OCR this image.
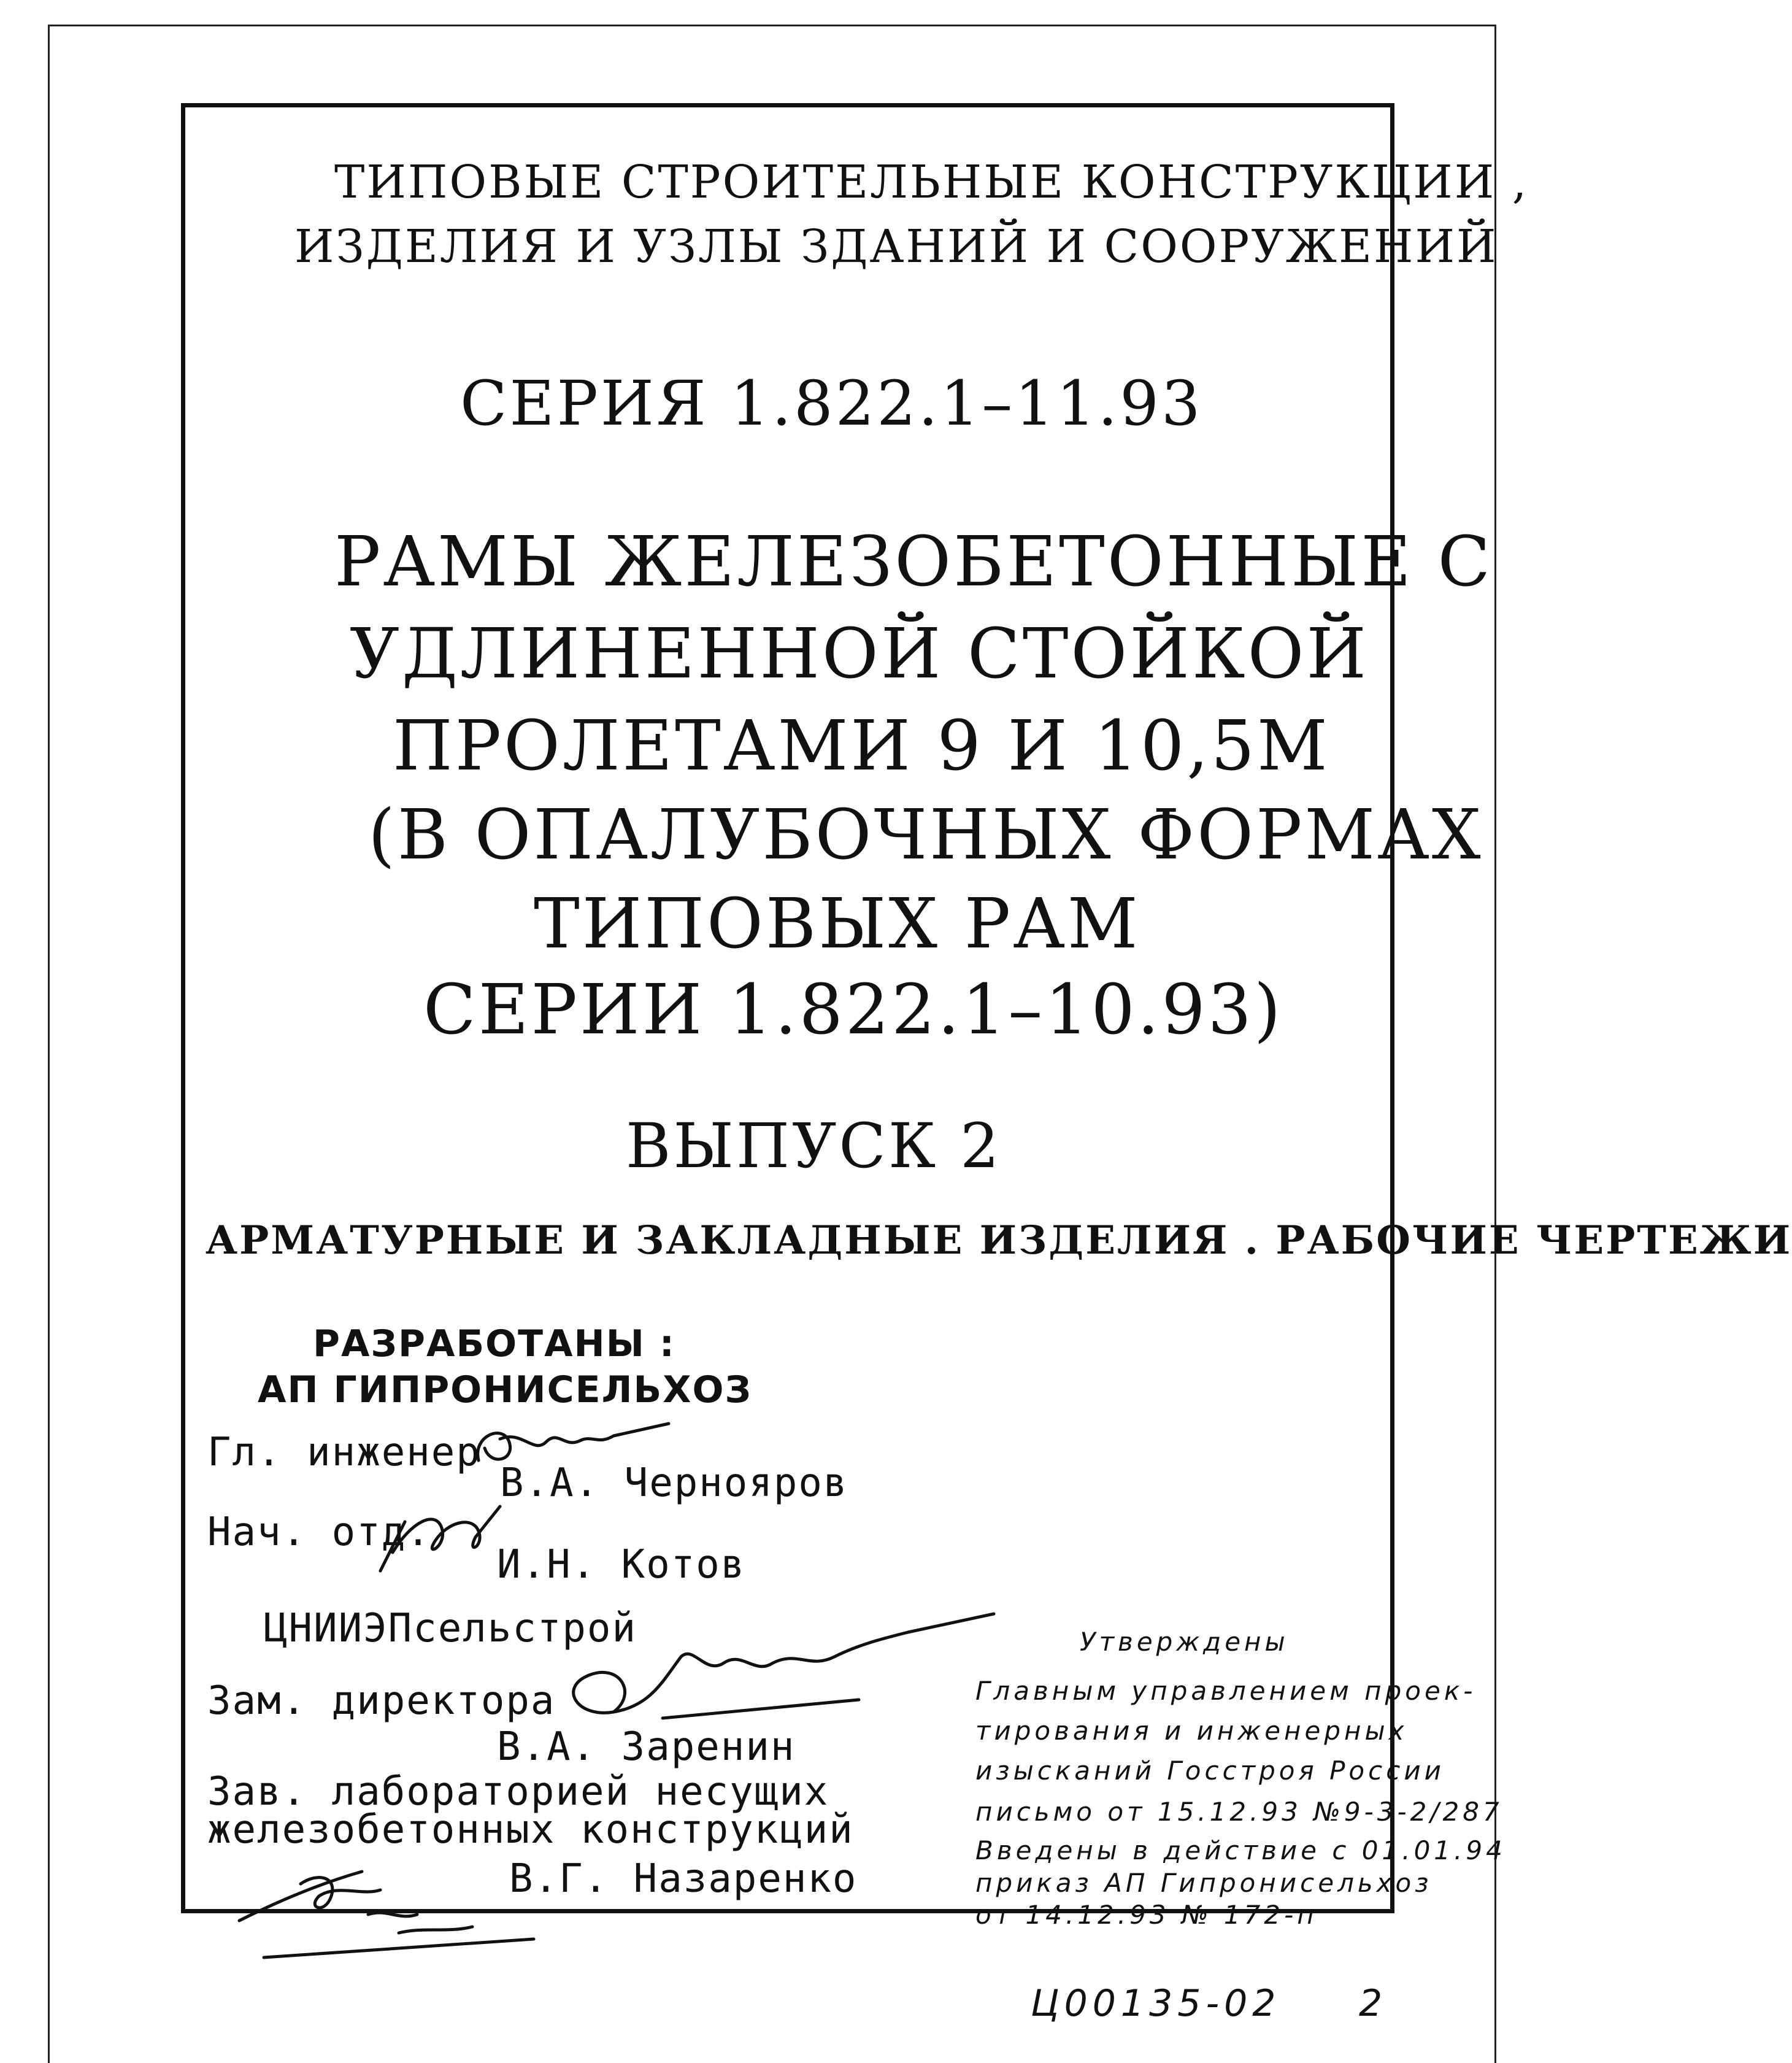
ТИПОВЫЕ СТРОИТЕЛЬНЫЕ КОНСТРУКЦИИ ,
ИЗДЕЛИЯ И УЗЛЫ ЗДАНИЙ И СООРУЖЕНИЙ
СЕРИЯ 1.822.1–11.93
РАМЫ ЖЕЛЕЗОБЕТОННЫЕ С
УДЛИНЕННОЙ СТОЙКОЙ
ПРОЛЕТАМИ 9 И 10,5М
(В ОПАЛУБОЧНЫХ ФОРМАХ
ТИПОВЫХ РАМ
СЕРИИ 1.822.1–10.93)
ВЫПУСК 2
АРМАТУРНЫЕ И ЗАКЛАДНЫЕ ИЗДЕЛИЯ . РАБОЧИЕ ЧЕРТЕЖИ
РАЗРАБОТАНЫ :
АП ГИПРОНИСЕЛЬХОЗ
Гл. инженер
В.А. Чернояров
Нач. отд.
И.Н. Котов
ЦНИИЭПсельстрой
Зам. директора
В.А. Заренин
Зав. лабораторией несущих
железобетонных конструкций
В.Г. Назаренко
Утверждены
Главным управлением проек-
тирования и инженерных
изысканий Госстроя России
письмо от 15.12.93 №9-3-2/287
Введены в действие с 01.01.94
приказ АП Гипронисельхоз
от 14.12.93 № 172-п
Ц00135-02 2
